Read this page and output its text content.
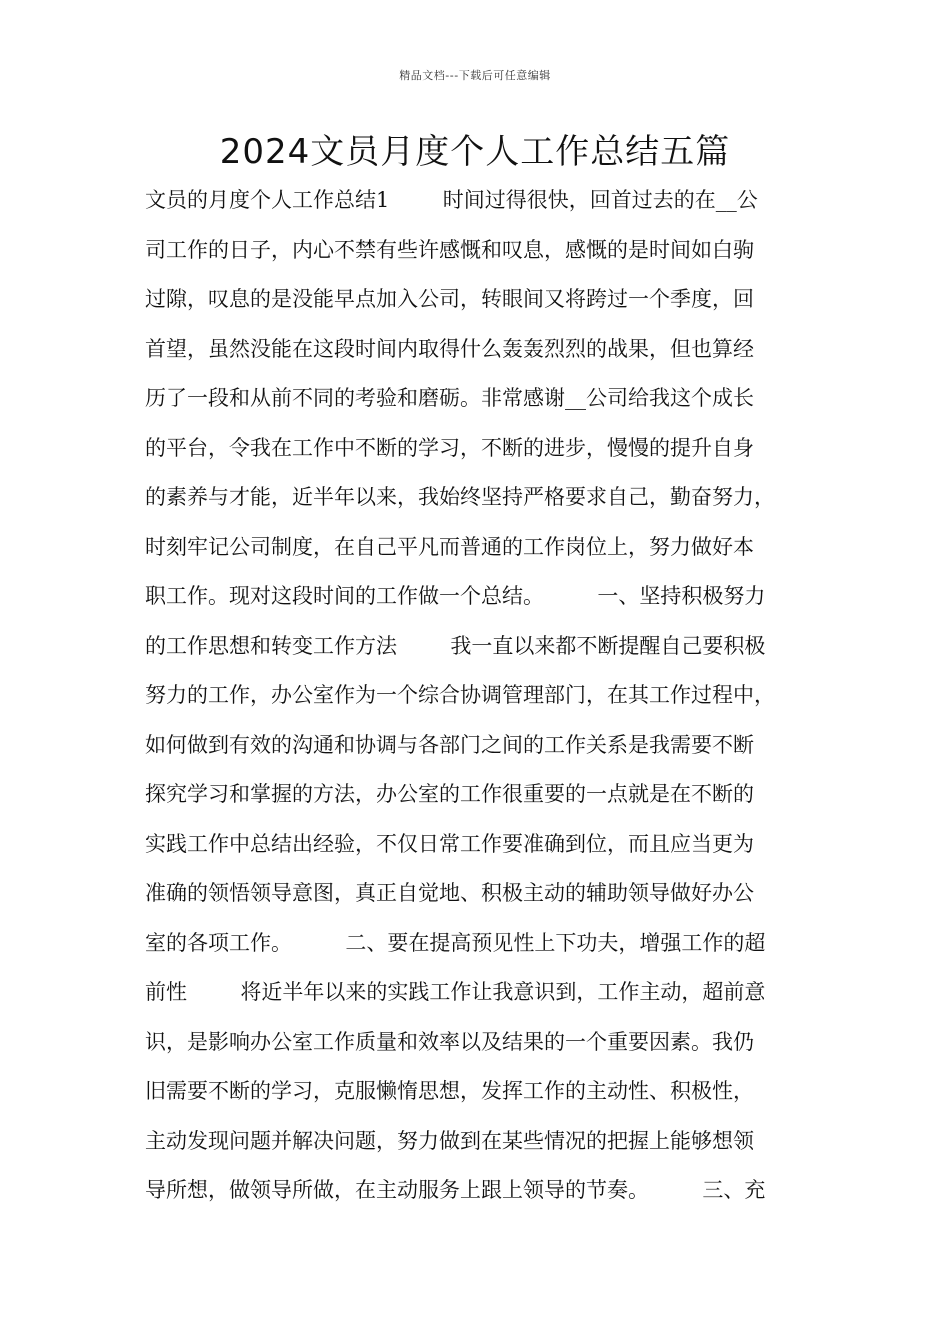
精品文档---下载后可任意编辑
2024文员月度个人工作总结五篇
文员的月度个人工作总结1        时间过得很快，回首过去的在__公
司工作的日子，内心不禁有些许感慨和叹息，感慨的是时间如白驹
过隙，叹息的是没能早点加入公司，转眼间又将跨过一个季度，回
首望，虽然没能在这段时间内取得什么轰轰烈烈的战果，但也算经
历了一段和从前不同的考验和磨砺。非常感谢__公司给我这个成长
的平台，令我在工作中不断的学习，不断的进步，慢慢的提升自身
的素养与才能，近半年以来，我始终坚持严格要求自己，勤奋努力，
时刻牢记公司制度，在自己平凡而普通的工作岗位上，努力做好本
职工作。现对这段时间的工作做一个总结。        一、坚持积极努力
的工作思想和转变工作方法        我一直以来都不断提醒自己要积极
努力的工作，办公室作为一个综合协调管理部门，在其工作过程中，
如何做到有效的沟通和协调与各部门之间的工作关系是我需要不断
探究学习和掌握的方法，办公室的工作很重要的一点就是在不断的
实践工作中总结出经验，不仅日常工作要准确到位，而且应当更为
准确的领悟领导意图，真正自觉地、积极主动的辅助领导做好办公
室的各项工作。        二、要在提高预见性上下功夫，增强工作的超
前性        将近半年以来的实践工作让我意识到，工作主动，超前意
识，是影响办公室工作质量和效率以及结果的一个重要因素。我仍
旧需要不断的学习，克服懒惰思想，发挥工作的主动性、积极性，
主动发现问题并解决问题，努力做到在某些情况的把握上能够想领
导所想，做领导所做，在主动服务上跟上领导的节奏。        三、充
